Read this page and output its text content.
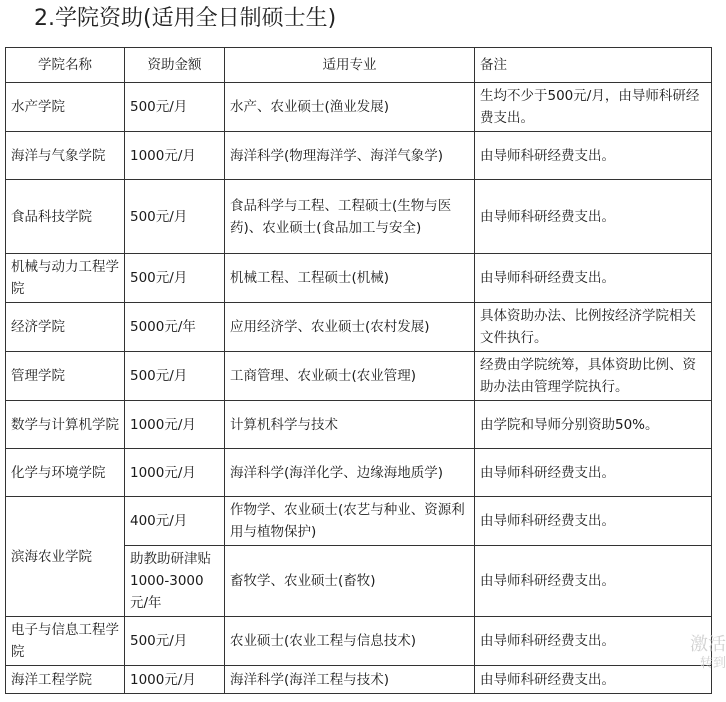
2.学院资助(适用全日制硕士生)
学院名称	资助金额	适用专业	备注
水产学院	500元/月	水产、农业硕士(渔业发展)	生均不少于500元/月，由导师科研经费支出。
海洋与气象学院	1000元/月	海洋科学(物理海洋学、海洋气象学)	由导师科研经费支出。
食品科技学院	500元/月	食品科学与工程、工程硕士(生物与医药)、农业硕士(食品加工与安全)	由导师科研经费支出。
机械与动力工程学院	500元/月	机械工程、工程硕士(机械)	由导师科研经费支出。
经济学院	5000元/年	应用经济学、农业硕士(农村发展)	具体资助办法、比例按经济学院相关文件执行。
管理学院	500元/月	工商管理、农业硕士(农业管理)	经费由学院统筹，具体资助比例、资助办法由管理学院执行。
数学与计算机学院	1000元/月	计算机科学与技术	由学院和导师分别资助50%。
化学与环境学院	1000元/月	海洋科学(海洋化学、边缘海地质学)	由导师科研经费支出。
滨海农业学院	400元/月	作物学、农业硕士(农艺与种业、资源利用与植物保护)	由导师科研经费支出。
	助教助研津贴1000-3000元/年	畜牧学、农业硕士(畜牧)	由导师科研经费支出。
电子与信息工程学院	500元/月	农业硕士(农业工程与信息技术)	由导师科研经费支出。
海洋工程学院	1000元/月	海洋科学(海洋工程与技术)	由导师科研经费支出。
激活
转到
